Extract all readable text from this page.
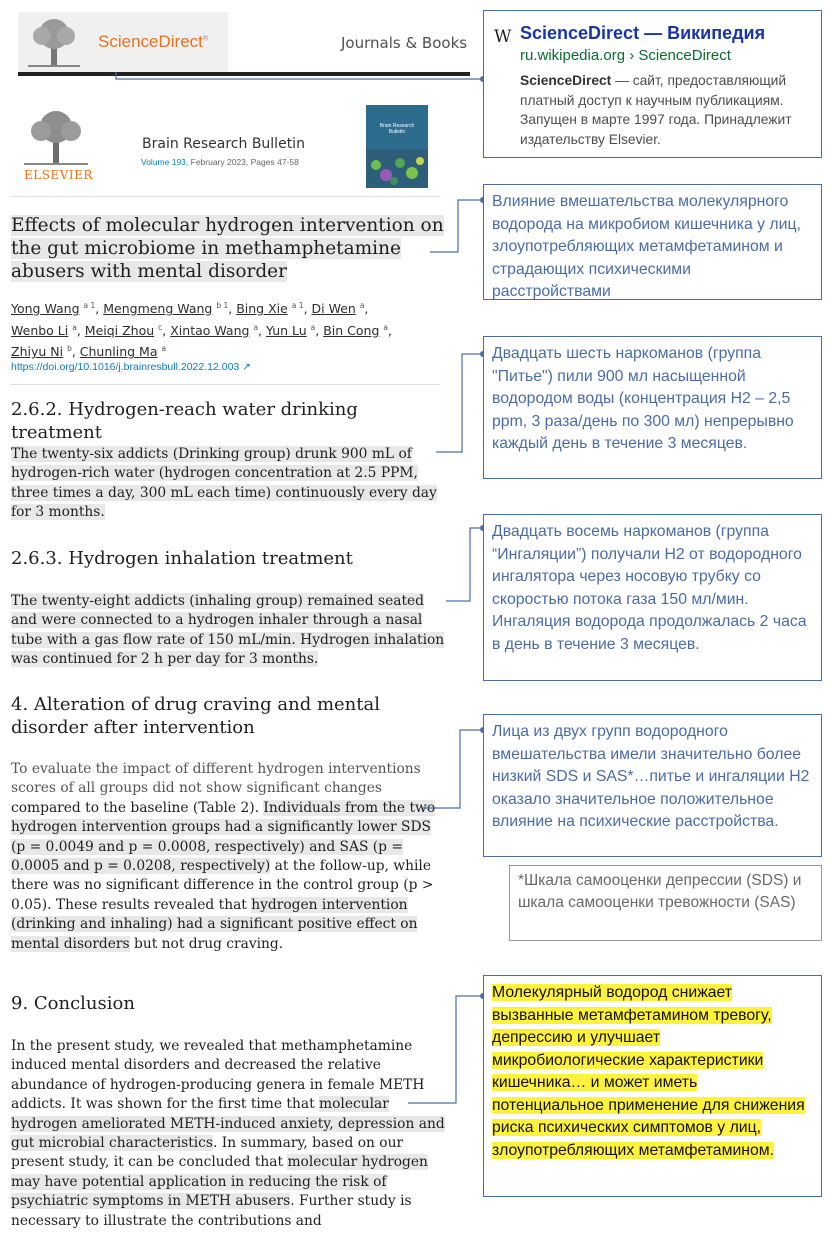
ScienceDirect®	Journals & Books
ELSEVIER
Brain Research Bulletin
Volume 193, February 2023, Pages 47-58
Brain Research Bulletin
Effects of molecular hydrogen intervention on the gut microbiome in methamphetamine abusers with mental disorder
Yong Wang $^{a 1}$, Mengmeng Wang $^{b 1}$, Bing Xie $^{a 1}$, Di Wen $^a$,
Wenbo Li $^a$, Meiqi Zhou $^c$, Xintao Wang $^a$, Yun Lu $^a$, Bin Cong $^a$,
Zhiyu Ni $^b$, Chunling Ma $^a$
https://doi.org/10.1016/j.brainresbull.2022.12.003 ↗
2.6.2. Hydrogen-reach water drinking treatment
The twenty-six addicts (Drinking group) drunk 900 mL of hydrogen-rich water (hydrogen concentration at 2.5 PPM, three times a day, 300 mL each time) continuously every day for 3 months.
2.6.3. Hydrogen inhalation treatment
The twenty-eight addicts (inhaling group) remained seated and were connected to a hydrogen inhaler through a nasal tube with a gas flow rate of 150 mL/min. Hydrogen inhalation was continued for 2 h per day for 3 months.
4. Alteration of drug craving and mental disorder after intervention
To evaluate the impact of different hydrogen interventions scores of all groups did not show significant changes compared to the baseline (Table 2). Individuals from the two hydrogen intervention groups had a significantly lower SDS (p = 0.0049 and p = 0.0008, respectively) and SAS (p = 0.0005 and p = 0.0208, respectively) at the follow-up, while there was no significant difference in the control group (p > 0.05). These results revealed that hydrogen intervention (drinking and inhaling) had a significant positive effect on mental disorders but not drug craving.
9. Conclusion
In the present study, we revealed that methamphetamine induced mental disorders and decreased the relative abundance of hydrogen-producing genera in female METH addicts. It was shown for the first time that molecular hydrogen ameliorated METH-induced anxiety, depression and gut microbial characteristics. In summary, based on our present study, it can be concluded that molecular hydrogen may have potential application in reducing the risk of psychiatric symptoms in METH abusers. Further study is necessary to illustrate the contributions and
W ScienceDirect — Википедия
ru.wikipedia.org › ScienceDirect
ScienceDirect — сайт, предоставляющий платный доступ к научным публикациям. Запущен в марте 1997 года. Принадлежит издательству Elsevier.
Влияние вмешательства молекулярного водорода на микробиом кишечника у лиц, злоупотребляющих метамфетамином и страдающих психическими расстройствами
Двадцать шесть наркоманов (группа "Питье") пили 900 мл насыщенной водородом воды (концентрация Н2 – 2,5 ppm, 3 раза/день по 300 мл) непрерывно каждый день в течение 3 месяцев.
Двадцать восемь наркоманов (группа “Ингаляции”) получали Н2 от водородного ингалятора через носовую трубку со скоростью потока газа 150 мл/мин. Ингаляция водорода продолжалась 2 часа в день в течение 3 месяцев.
Лица из двух групп водородного вмешательства имели значительно более низкий SDS и SAS*…питье и ингаляции Н2 оказало значительное положительное влияние на психические расстройства.
*Шкала самооценки депрессии (SDS) и шкала самооценки тревожности (SAS)
Молекулярный водород снижает вызванные метамфетамином тревогу, депрессию и улучшает микробиологические характеристики кишечника… и может иметь потенциальное применение для снижения риска психических симптомов у лиц, злоупотребляющих метамфетамином.
